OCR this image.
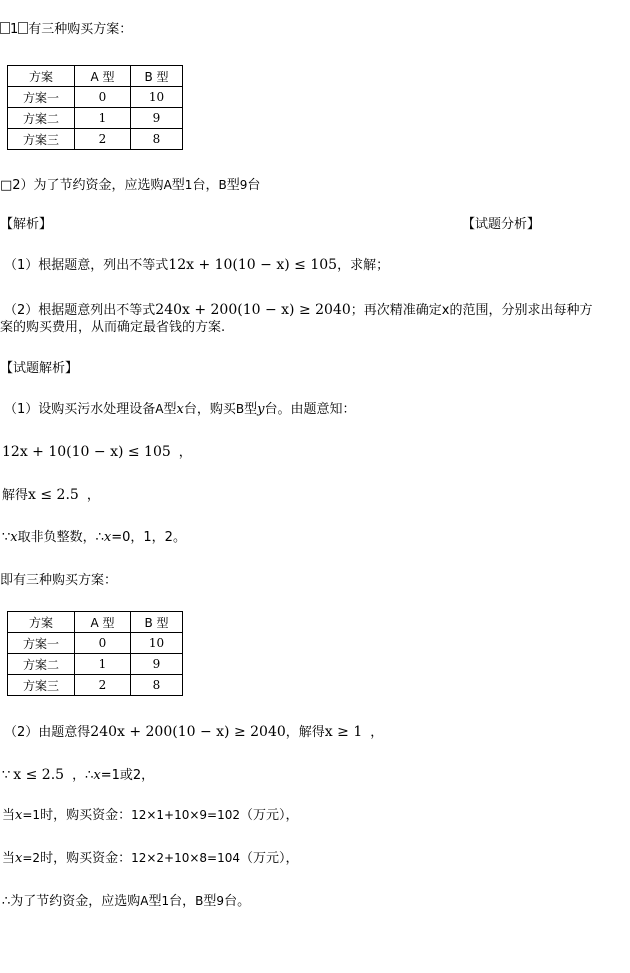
1 有三种购买方案：
方案	A 型	B 型
方案一	0	10
方案二	1	9
方案三	2	8
□2）为了节约资金，应选购A型1台，B型9台
【解析】	【试题分析】
（1）根据题意，列出不等式12x + 10(10 − x) ≤ 105，求解；
（2）根据题意列出不等式240x + 200(10 − x) ≥ 2040；再次精准确定x的范围，分别求出每种方
案的购买费用，从而确定最省钱的方案.
【试题解析】
（1）设购买污水处理设备A型x台，购买B型y台。由题意知：
12x + 10(10 − x) ≤ 105 ，
解得x ≤ 2.5 ，
∵x取非负整数，∴x=0，1，2。
即有三种购买方案：
方案	A 型	B 型
方案一	0	10
方案二	1	9
方案三	2	8
（2）由题意得240x + 200(10 − x) ≥ 2040，解得x ≥ 1 ，
∵ x ≤ 2.5 ，∴x=1或2，
当x=1时，购买资金：12×1+10×9=102（万元），
当x=2时，购买资金：12×2+10×8=104（万元），
∴为了节约资金，应选购A型1台，B型9台。
